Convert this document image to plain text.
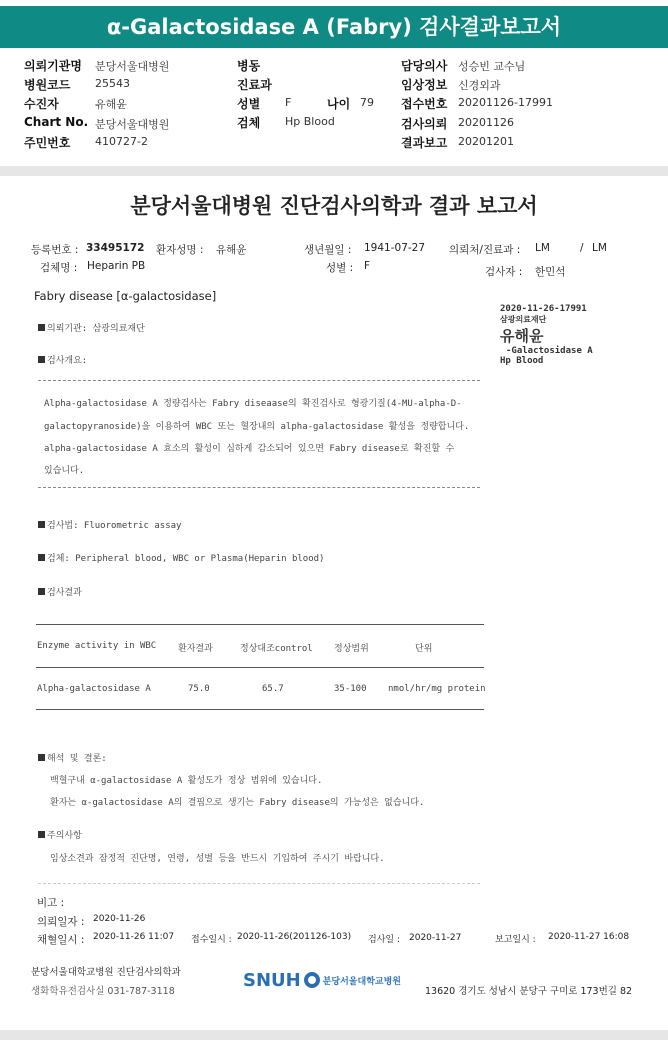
α-Galactosidase A (Fabry) 검사결과보고서
의뢰기관명 분당서울대병원
병원코드 25543
수진자	유해윤
Chart No. 분당서울대병원
주민번호 410727-2
병동
진료과
성별 F	나이 79
검체 Hp Blood
담당의사 성승빈 교수님
임상정보 신경외과
접수번호 20201126-17991
검사의뢰 20201126
결과보고 20201201
분당서울대병원 진단검사의학과 결과 보고서
등록번호 : 33495172 환자성명 : 유해윤	생년월일 : 1941-07-27 의뢰처/진료과 : LM	/ LM
검체명 : Heparin PB	성별 : F	검사자 : 한민석
Fabry disease [α-galactosidase]
2020-11-26-17991
삼광의료재단
유해윤
-Galactosidase A
Hp Blood
의뢰기관: 삼광의료재단
검사개요:
Alpha-galactosidase A 정량검사는 Fabry diseaase의 확진검사로 형광기질(4-MU-alpha-D-
galactopyranoside)을 이용하여 WBC 또는 혈장내의 alpha-galactosidase 활성을 정량합니다.
alpha-galactosidase A 효소의 활성이 심하게 감소되어 있으면 Fabry disease로 확진할 수
있습니다.
검사법: Fluorometric assay
검체: Peripheral blood, WBC or Plasma(Heparin blood)
검사결과
Enzyme activity in WBC 환자결과	정상대조control 정상범위	단위
Alpha-galactosidase A	75.0	65.7	35-100 nmol/hr/mg protein
해석 및 결론:
백혈구내 α-galactosidase A 활성도가 정상 범위에 있습니다.
환자는 α-galactosidase A의 결핍으로 생기는 Fabry disease의 가능성은 없습니다.
주의사항
임상소견과 잠정적 진단명, 연령, 성별 등을 반드시 기입하여 주시기 바랍니다.
비고 :
의뢰일자 : 2020-11-26
채혈일시 : 2020-11-26 11:07 접수일시 : 2020-11-26(201126-103) 검사일 : 2020-11-27	보고일시 : 2020-11-27 16:08
분당서울대학교병원 진단검사의학과
생화학유전검사실 031-787-3118
SNUH 분당서울대학교병원
13620 경기도 성남시 분당구 구미로 173번길 82
